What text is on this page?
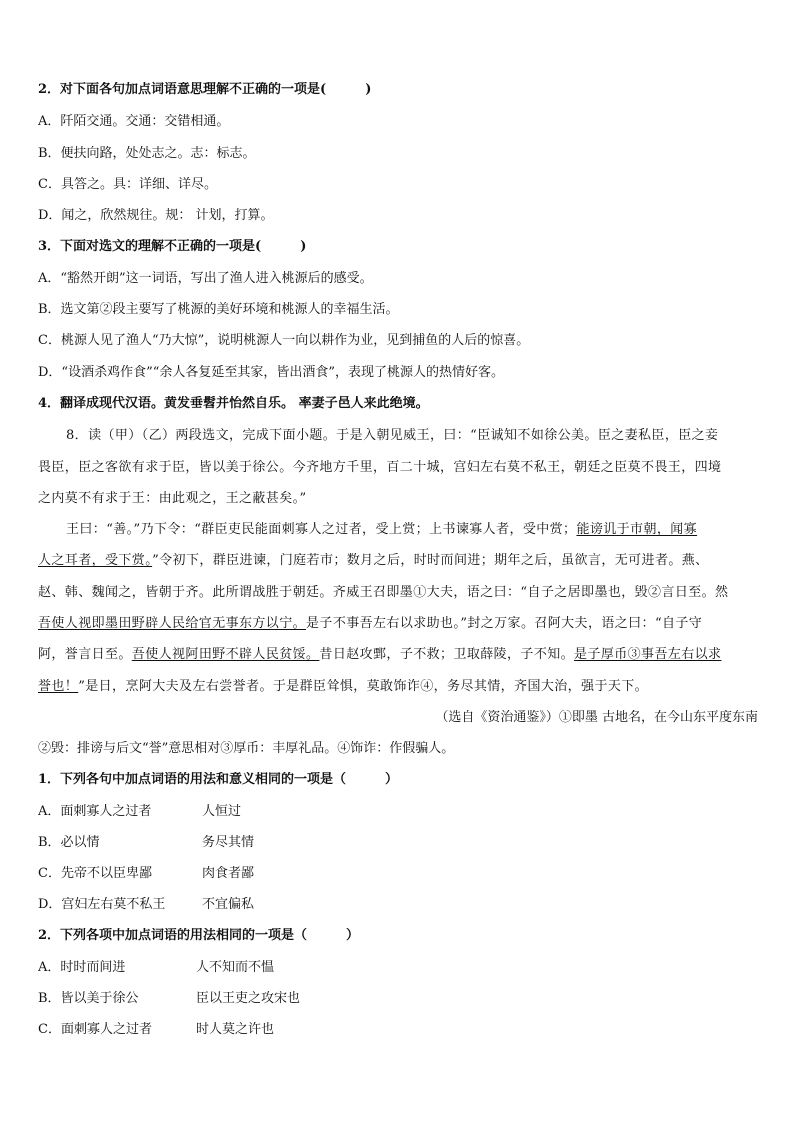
2．对下面各句加点词语意思理解不正确的一项是(　　　)
A．阡陌交通。交通：交错相通。
B．便扶向路，处处志之。志：标志。
C．具答之。具：详细、详尽。
D．闻之，欣然规往。规： 计划，打算。
3．下面对选文的理解不正确的一项是(　　　)
A．“豁然开朗”这一词语，写出了渔人进入桃源后的感受。
B．选文第②段主要写了桃源的美好环境和桃源人的幸福生活。
C．桃源人见了渔人“乃大惊”，说明桃源人一向以耕作为业，见到捕鱼的人后的惊喜。
D．“设酒杀鸡作食”“余人各复延至其家，皆出酒食”，表现了桃源人的热情好客。
4．翻译成现代汉语。黄发垂髫并怡然自乐。 率妻子邑人来此绝境。
8．读（甲）（乙）两段选文，完成下面小题。于是入朝见威王，曰：“臣诚知不如徐公美。臣之妻私臣，臣之妾
畏臣，臣之客欲有求于臣，皆以美于徐公。今齐地方千里，百二十城，宫妇左右莫不私王，朝廷之臣莫不畏王，四境
之内莫不有求于王：由此观之，王之蔽甚矣。”
王曰：“善。”乃下令：“群臣吏民能面刺寡人之过者，受上赏；上书谏寡人者，受中赏；能谤讥于市朝，闻寡
人之耳者，受下赏。”令初下，群臣进谏，门庭若市；数月之后，时时而间进；期年之后，虽欲言，无可进者。燕、
赵、韩、魏闻之，皆朝于齐。此所谓战胜于朝廷。齐威王召即墨①大夫，语之曰：“自子之居即墨也，毁②言日至。然
吾使人视即墨田野辟人民给官无事东方以宁。是子不事吾左右以求助也。”封之万家。召阿大夫，语之曰：“自子守
阿，誉言日至。吾使人视阿田野不辟人民贫馁。昔日赵攻鄄，子不救；卫取薛陵，子不知。是子厚币③事吾左右以求
誉也！”是日，烹阿大夫及左右尝誉者。于是群臣耸惧，莫敢饰诈④，务尽其情，齐国大治，强于天下。
（选自《资治通鉴》）①即墨 古地名，在今山东平度东南
②毁：排谤与后文“誉”意思相对③厚币：丰厚礼品。④饰诈：作假骗人。
1．下列各句中加点词语的用法和意义相同的一项是（　　　）
A．面刺寡人之过者	人恒过
B．必以情	务尽其情
C．先帝不以臣卑鄙	肉食者鄙
D．宫妇左右莫不私王	不宜偏私
2．下列各项中加点词语的用法相同的一项是（　　　）
A．时时而间进	人不知而不愠
B．皆以美于徐公	臣以王吏之攻宋也
C．面刺寡人之过者	时人莫之许也
